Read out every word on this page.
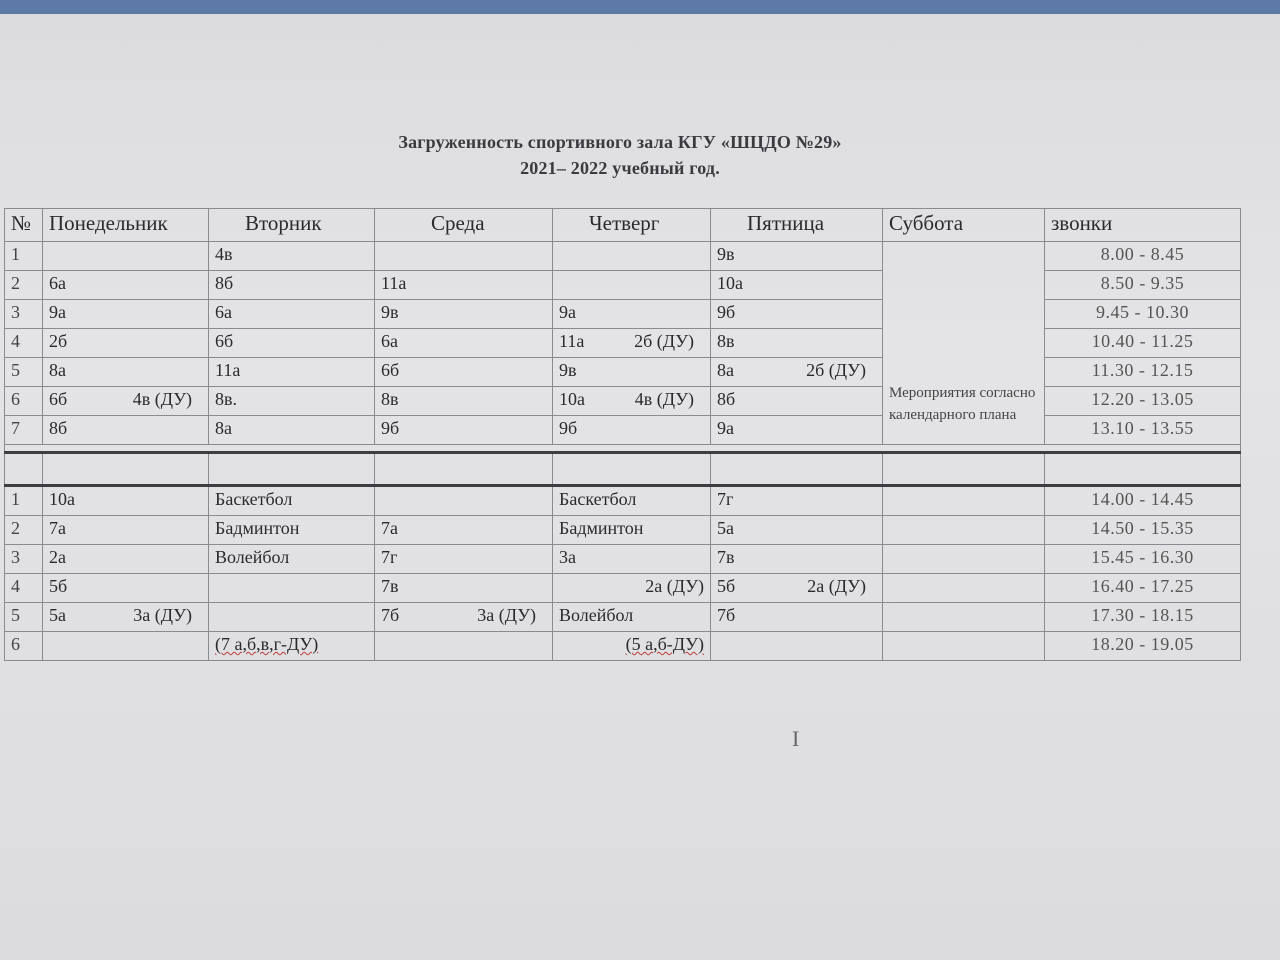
Загруженность спортивного зала КГУ «ШЦДО №29»
2021– 2022 учебный год.
№	Понедельник	Вторник	Среда	Четверг	Пятница	Суббота	звонки
1		4в			9в	Мероприятия согласно календарного плана	8.00 - 8.45
2	6а	8б	11а		10а		8.50 - 9.35
3	9а	6а	9в	9а	9б		9.45 - 10.30
4	2б	6б	6а	11а 2б (ДУ)	8в		10.40 - 11.25
5	8а	11а	6б	9в	8а 2б (ДУ)		11.30 - 12.15
6	6б 4в (ДУ)	8в.	8в	10а 4в (ДУ)	8б		12.20 - 13.05
7	8б	8а	9б	9б	9а		13.10 - 13.55

1	10а	Баскетбол		Баскетбол	7г		14.00 - 14.45
2	7а	Бадминтон	7а	Бадминтон	5а		14.50 - 15.35
3	2а	Волейбол	7г	3а	7в		15.45 - 16.30
4	5б		7в	2а (ДУ)	5б 2а (ДУ)		16.40 - 17.25
5	5а 3а (ДУ)		7б 3а (ДУ)	Волейбол	7б		17.30 - 18.15
6		(7 а,б,в,г-ДУ)		(5 а,б-ДУ)			18.20 - 19.05
I
